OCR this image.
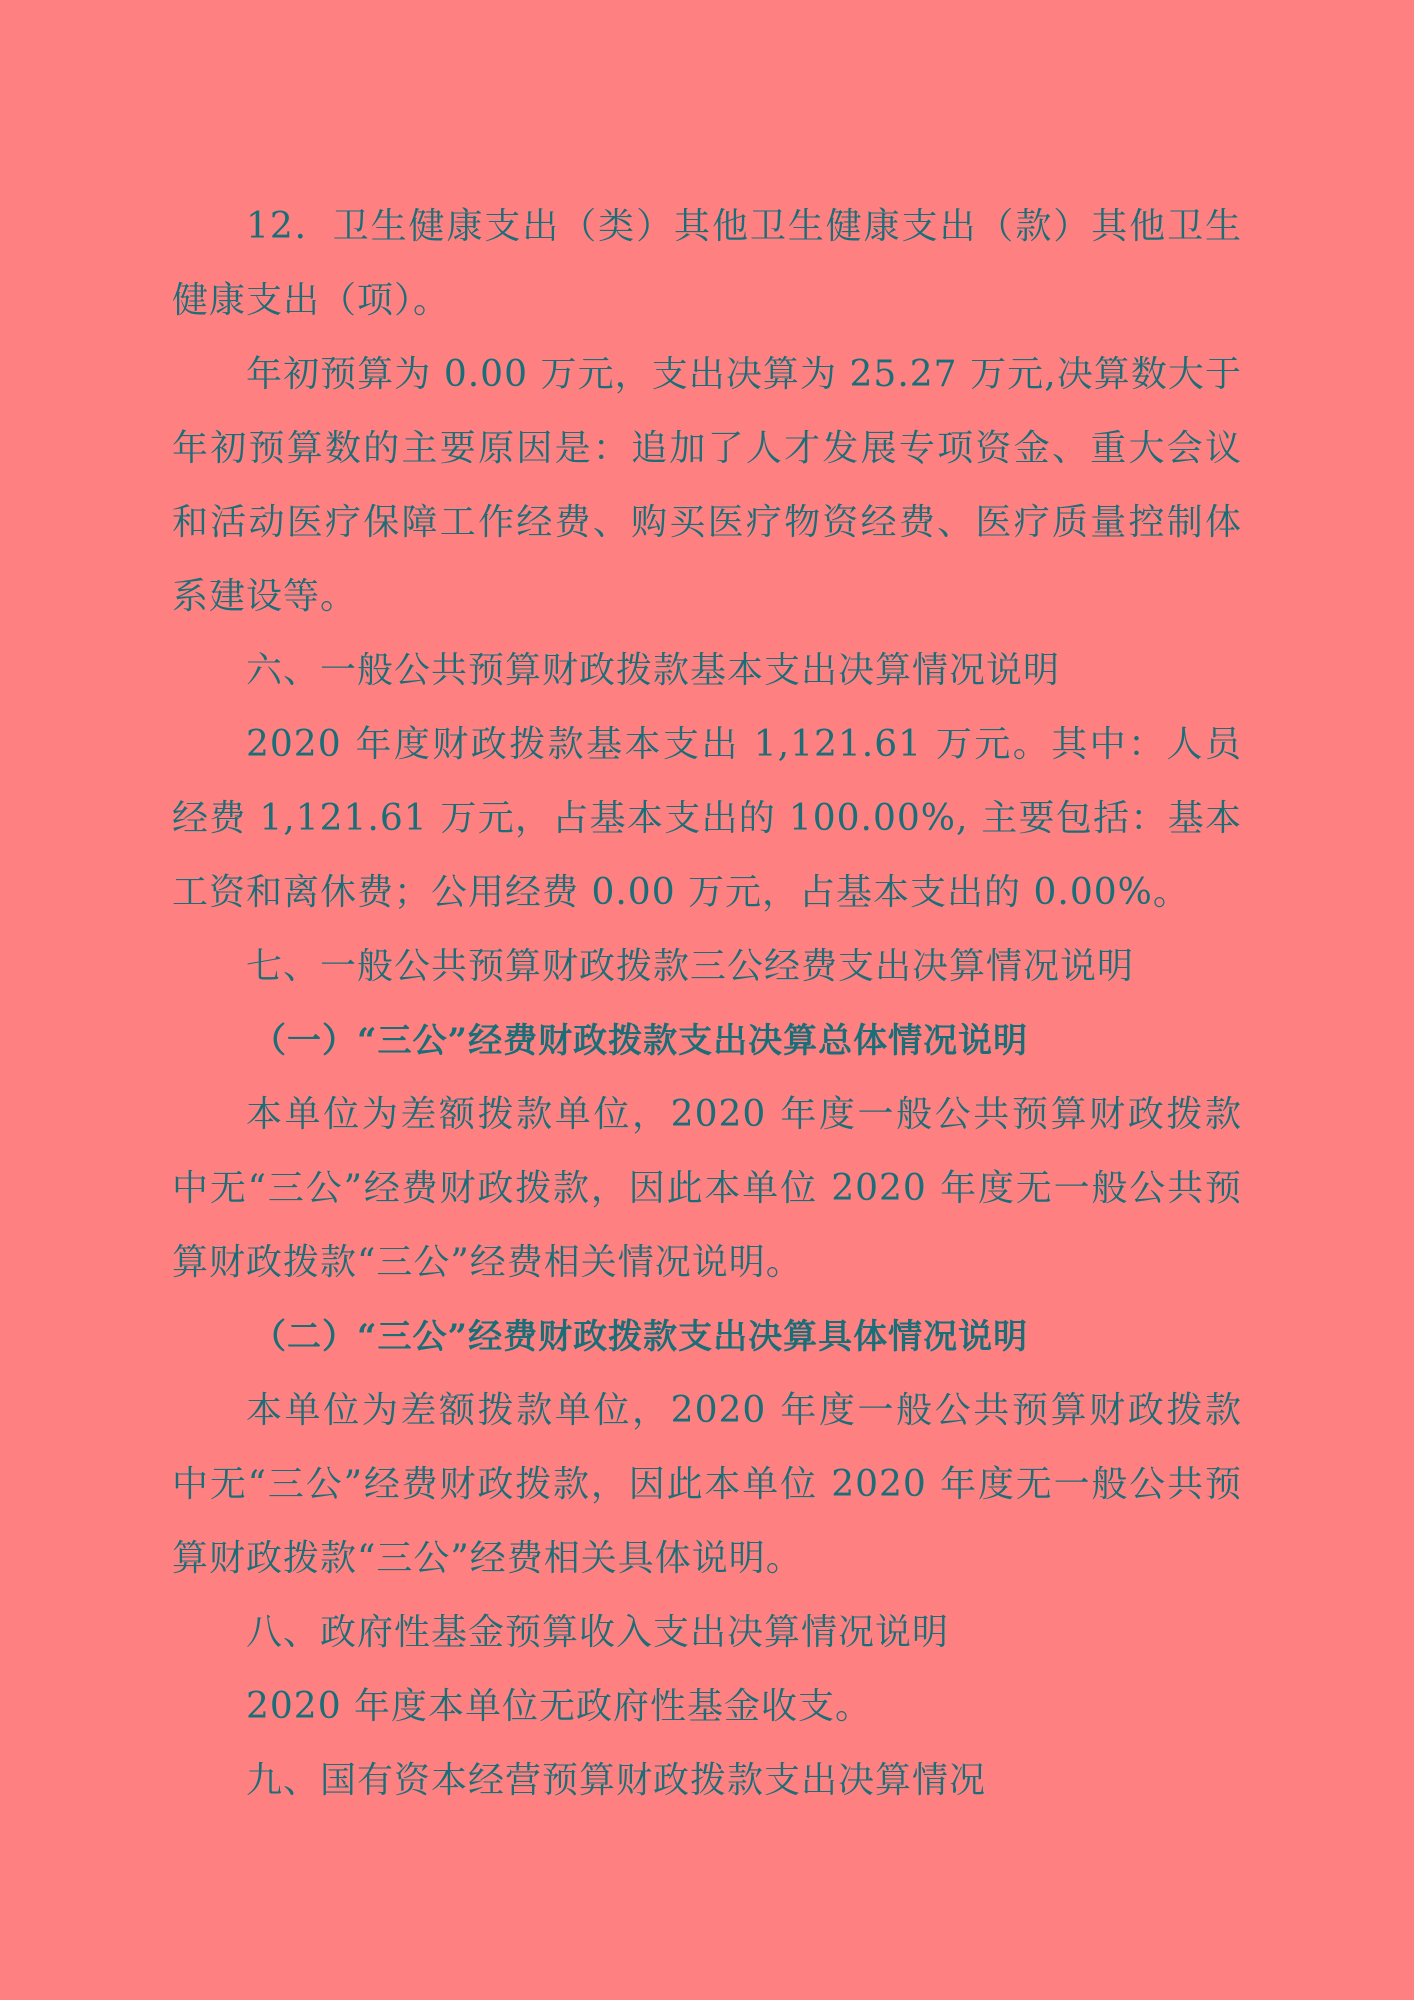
12．卫生健康支出（类）其他卫生健康支出（款）其他卫生健康支出（项）。

年初预算为 0.00 万元，支出决算为 25.27 万元,决算数大于年初预算数的主要原因是：追加了人才发展专项资金、重大会议和活动医疗保障工作经费、购买医疗物资经费、医疗质量控制体系建设等。

六、一般公共预算财政拨款基本支出决算情况说明

2020 年度财政拨款基本支出 1,121.61 万元。其中：人员经费 1,121.61 万元，占基本支出的 100.00%, 主要包括：基本工资和离休费；公用经费 0.00 万元，占基本支出的 0.00%。

七、一般公共预算财政拨款三公经费支出决算情况说明
（一）“三公”经费财政拨款支出决算总体情况说明

本单位为差额拨款单位，2020 年度一般公共预算财政拨款中无“三公”经费财政拨款，因此本单位 2020 年度无一般公共预算财政拨款“三公”经费相关情况说明。

（二）“三公”经费财政拨款支出决算具体情况说明

本单位为差额拨款单位，2020 年度一般公共预算财政拨款中无“三公”经费财政拨款，因此本单位 2020 年度无一般公共预算财政拨款“三公”经费相关具体说明。

八、政府性基金预算收入支出决算情况说明

2020 年度本单位无政府性基金收支。

九、国有资本经营预算财政拨款支出决算情况
